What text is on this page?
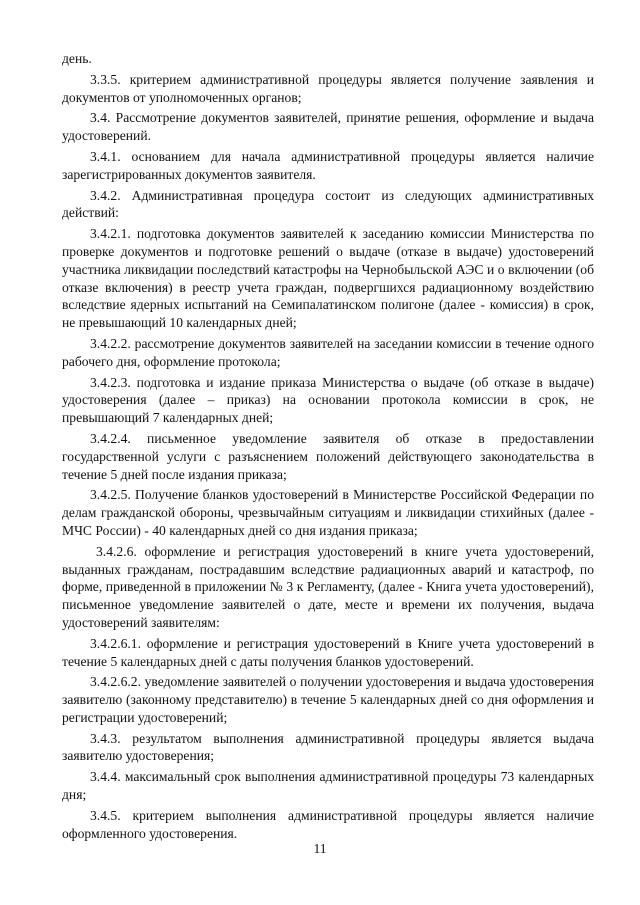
день.

3.3.5. критерием административной процедуры является получение заявления и документов от уполномоченных органов;

3.4. Рассмотрение документов заявителей, принятие решения, оформление и выдача удостоверений.

3.4.1. основанием для начала административной процедуры является наличие зарегистрированных документов заявителя.

3.4.2. Административная процедура состоит из следующих административных действий:

3.4.2.1. подготовка документов заявителей к заседанию комиссии Министерства по проверке документов и подготовке решений о выдаче (отказе в выдаче) удостоверений участника ликвидации последствий катастрофы на Чернобыльской АЭС и о включении (об отказе включения) в реестр учета граждан, подвергшихся радиационному воздействию вследствие ядерных испытаний на Семипалатинском полигоне (далее - комиссия) в срок, не превышающий 10 календарных дней;

3.4.2.2. рассмотрение документов заявителей на заседании комиссии в течение одного рабочего дня, оформление протокола;

3.4.2.3. подготовка и издание приказа Министерства о выдаче (об отказе в выдаче) удостоверения (далее – приказ) на основании протокола комиссии в срок, не превышающий 7 календарных дней;

3.4.2.4. письменное уведомление заявителя об отказе в предоставлении государственной услуги с разъяснением положений действующего законодательства в течение 5 дней после издания приказа;

3.4.2.5. Получение бланков удостоверений в Министерстве Российской Федерации по делам гражданской обороны, чрезвычайным ситуациям и ликвидации стихийных (далее - МЧС России) - 40 календарных дней со дня издания приказа;

3.4.2.6. оформление и регистрация удостоверений в книге учета удостоверений, выданных гражданам, пострадавшим вследствие радиационных аварий и катастроф, по форме, приведенной в приложении № 3 к Регламенту, (далее - Книга учета удостоверений), письменное уведомление заявителей о дате, месте и времени их получения, выдача удостоверений заявителям:

3.4.2.6.1. оформление и регистрация удостоверений в Книге учета удостоверений в течение 5 календарных дней с даты получения бланков удостоверений.

3.4.2.6.2. уведомление заявителей о получении удостоверения и выдача удостоверения заявителю (законному представителю) в течение 5 календарных дней со дня оформления и регистрации удостоверений;

3.4.3. результатом выполнения административной процедуры является выдача заявителю удостоверения;

3.4.4. максимальный срок выполнения административной процедуры 73 календарных дня;

3.4.5. критерием выполнения административной процедуры является наличие оформленного удостоверения.

11
